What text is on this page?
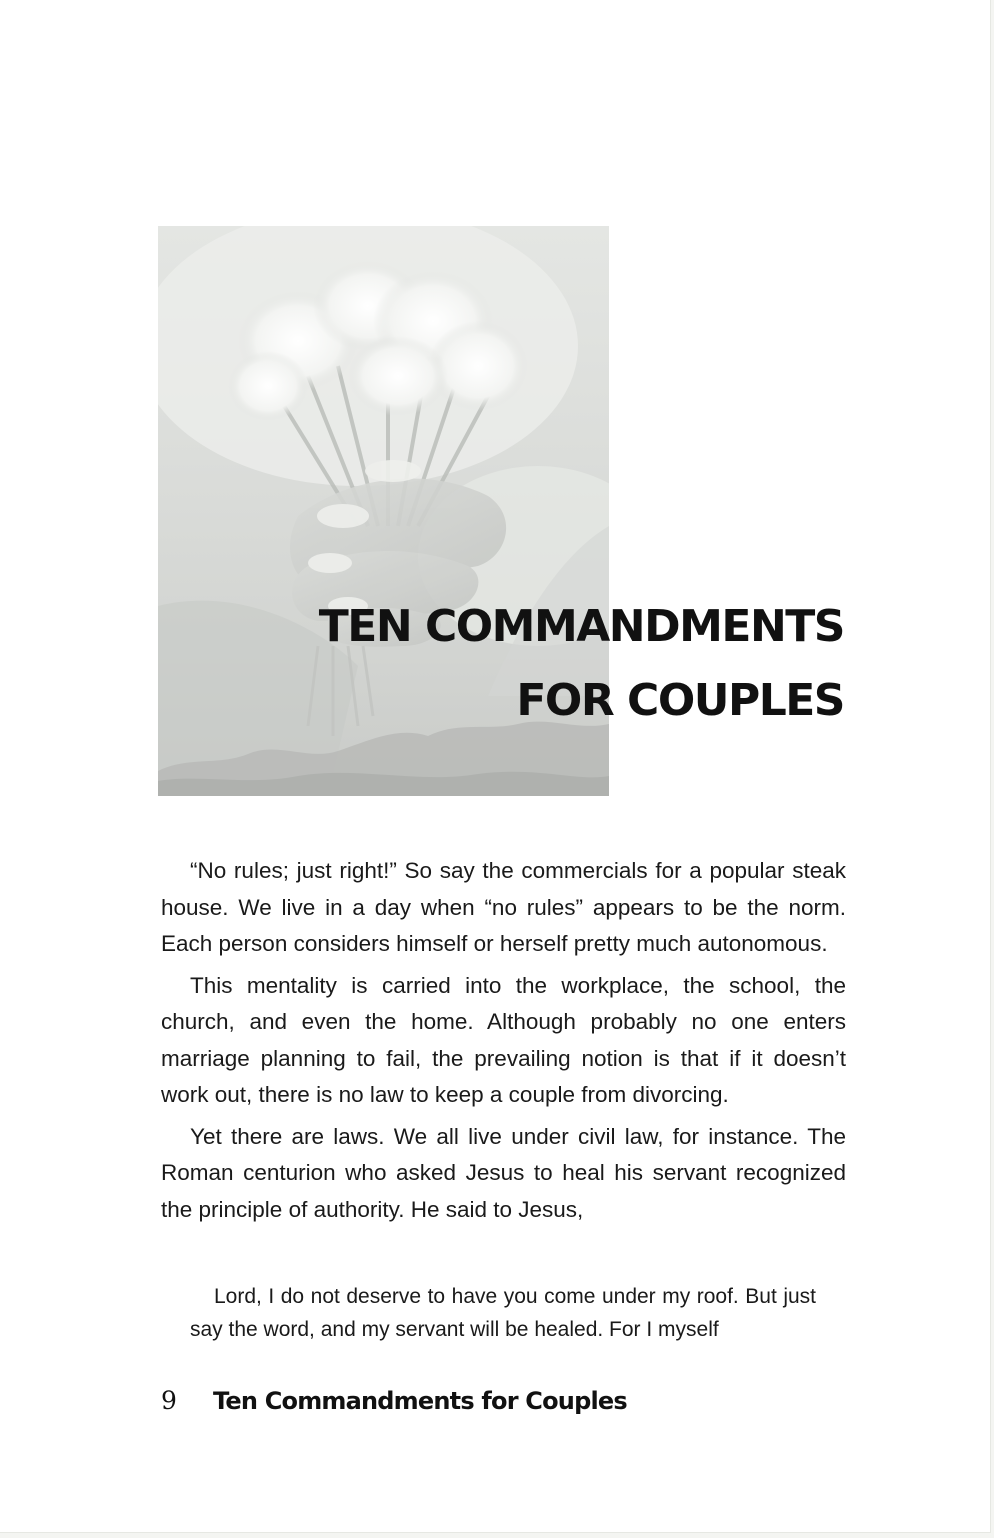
TEN COMMANDMENTS
FOR COUPLES

“No rules; just right!” So say the commercials for a popular steak house. We live in a day when “no rules” appears to be the norm. Each person considers himself or herself pretty much autonomous.

This mentality is carried into the workplace, the school, the church, and even the home. Although probably no one enters marriage planning to fail, the prevailing notion is that if it doesn’t work out, there is no law to keep a couple from divorcing.

Yet there are laws. We all live under civil law, for instance. The Roman centurion who asked Jesus to heal his servant recognized the principle of authority. He said to Jesus,

Lord, I do not deserve to have you come under my roof. But just say the word, and my servant will be healed. For I myself

9 Ten Commandments for Couples
